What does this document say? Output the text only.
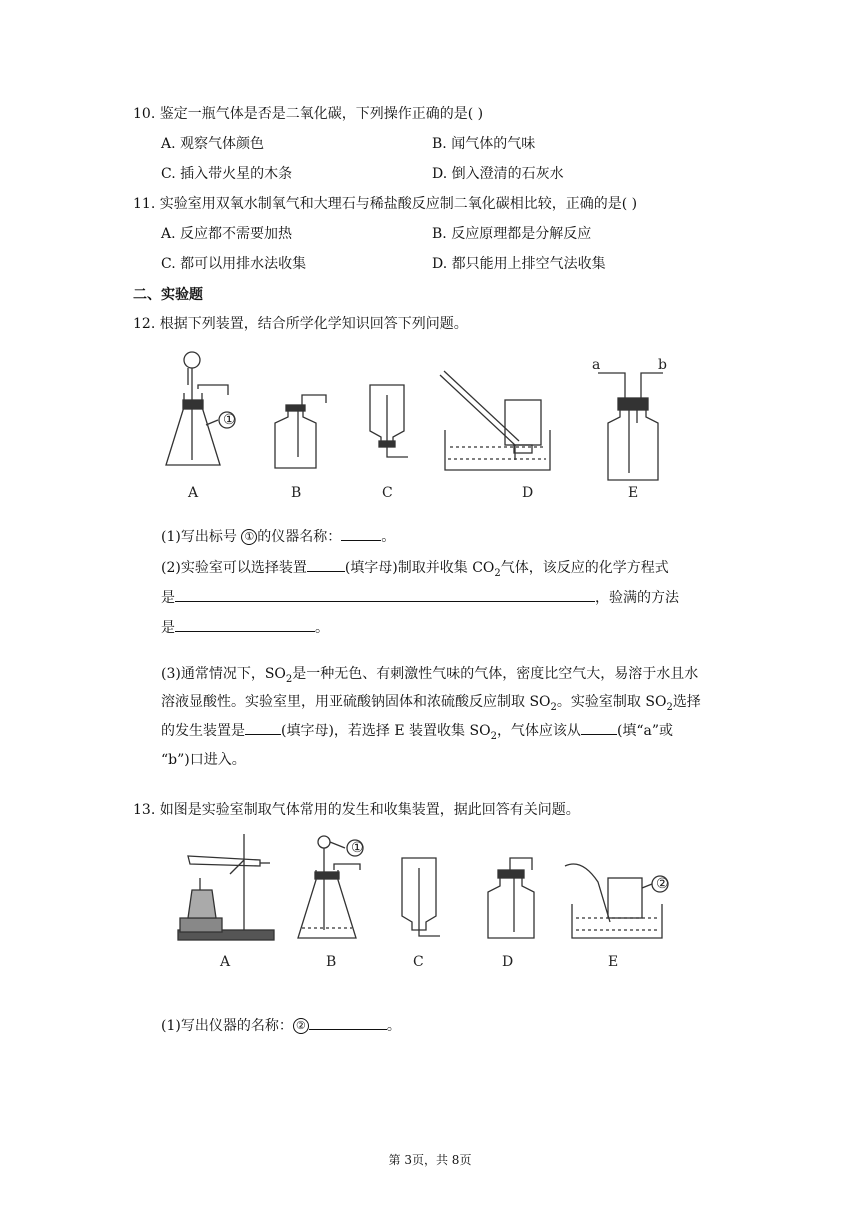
10. 鉴定一瓶气体是否是二氧化碳，下列操作正确的是( )
A. 观察气体颜色	B. 闻气体的气味
C. 插入带火星的木条	D. 倒入澄清的石灰水
11. 实验室用双氧水制氧气和大理石与稀盐酸反应制二氧化碳相比较，正确的是( )
A. 反应都不需要加热	B. 反应原理都是分解反应
C. 都可以用排水法收集	D. 都只能用上排空气法收集
二、实验题
12. 根据下列装置，结合所学化学知识回答下列问题。
①
a	b
A	B	C	D	E
(1)写出标号 ① 的仪器名称：	。
(2)实验室可以选择装置	(填字母)制取并收集 $CO_2$气体，该反应的化学方程式
是	，验满的方法
是	。
(3)通常情况下，$SO_2$是一种无色、有刺激性气味的气体，密度比空气大，易溶于水且水
溶液显酸性。实验室里，用亚硫酸钠固体和浓硫酸反应制取 $SO_2$。实验室制取 $SO_2$选择
的发生装置是	(填字母)，若选择 E 装置收集 $SO_2$，气体应该从	(填“a”或
“b”)口进入。
13. 如图是实验室制取气体常用的发生和收集装置，据此回答有关问题。
①
②
A	B	C	D	E
(1)写出仪器的名称： ②	。
第 3页，共 8页
